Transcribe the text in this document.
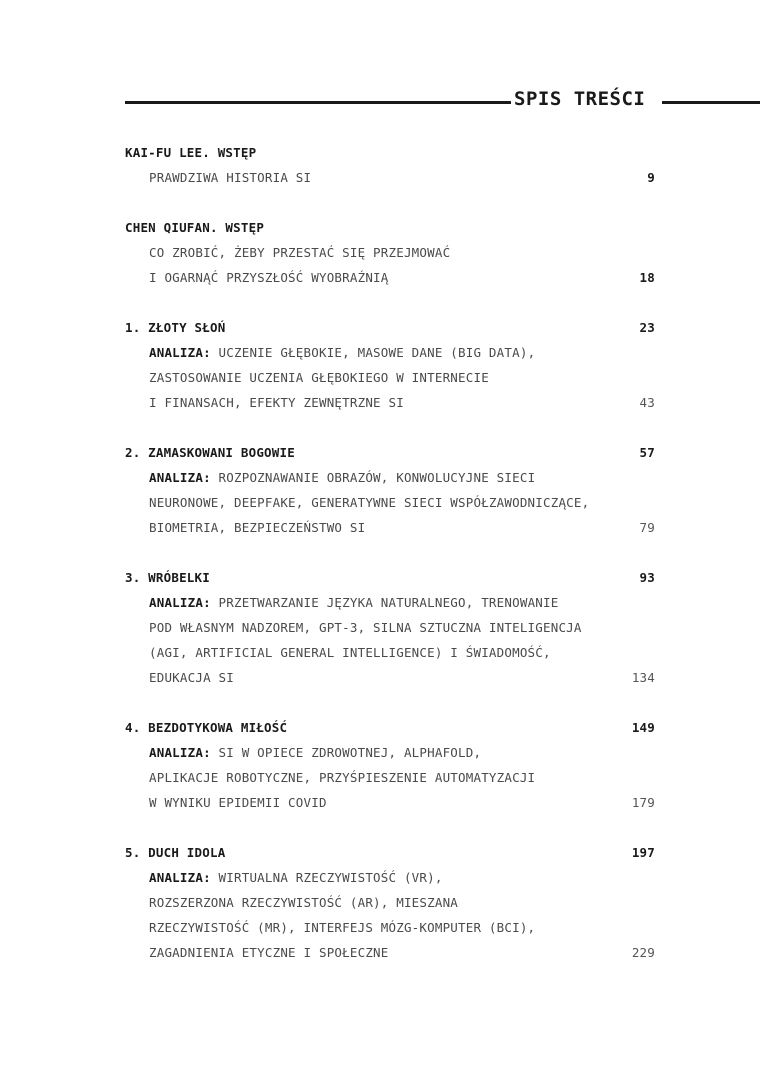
SPIS TREŚCI
KAI-FU LEE. WSTĘP
PRAWDZIWA HISTORIA SI	9
CHEN QIUFAN. WSTĘP
CO ZROBIĆ, ŻEBY PRZESTAĆ SIĘ PRZEJMOWAĆ
I OGARNĄĆ PRZYSZŁOŚĆ WYOBRAŹNIĄ	18
1. ZŁOTY SŁOŃ	23
ANALIZA: UCZENIE GŁĘBOKIE, MASOWE DANE (BIG DATA),
ZASTOSOWANIE UCZENIA GŁĘBOKIEGO W INTERNECIE
I FINANSACH, EFEKTY ZEWNĘTRZNE SI	43
2. ZAMASKOWANI BOGOWIE	57
ANALIZA: ROZPOZNAWANIE OBRAZÓW, KONWOLUCYJNE SIECI
NEURONOWE, DEEPFAKE, GENERATYWNE SIECI WSPÓŁZAWODNICZĄCE,
BIOMETRIA, BEZPIECZEŃSTWO SI	79
3. WRÓBELKI	93
ANALIZA: PRZETWARZANIE JĘZYKA NATURALNEGO, TRENOWANIE
POD WŁASNYM NADZOREM, GPT-3, SILNA SZTUCZNA INTELIGENCJA
(AGI, ARTIFICIAL GENERAL INTELLIGENCE) I ŚWIADOMOŚĆ,
EDUKACJA SI	134
4. BEZDOTYKOWA MIŁOŚĆ	149
ANALIZA: SI W OPIECE ZDROWOTNEJ, ALPHAFOLD,
APLIKACJE ROBOTYCZNE, PRZYŚPIESZENIE AUTOMATYZACJI
W WYNIKU EPIDEMII COVID	179
5. DUCH IDOLA	197
ANALIZA: WIRTUALNA RZECZYWISTOŚĆ (VR),
ROZSZERZONA RZECZYWISTOŚĆ (AR), MIESZANA
RZECZYWISTOŚĆ (MR), INTERFEJS MÓZG-KOMPUTER (BCI),
ZAGADNIENIA ETYCZNE I SPOŁECZNE	229
